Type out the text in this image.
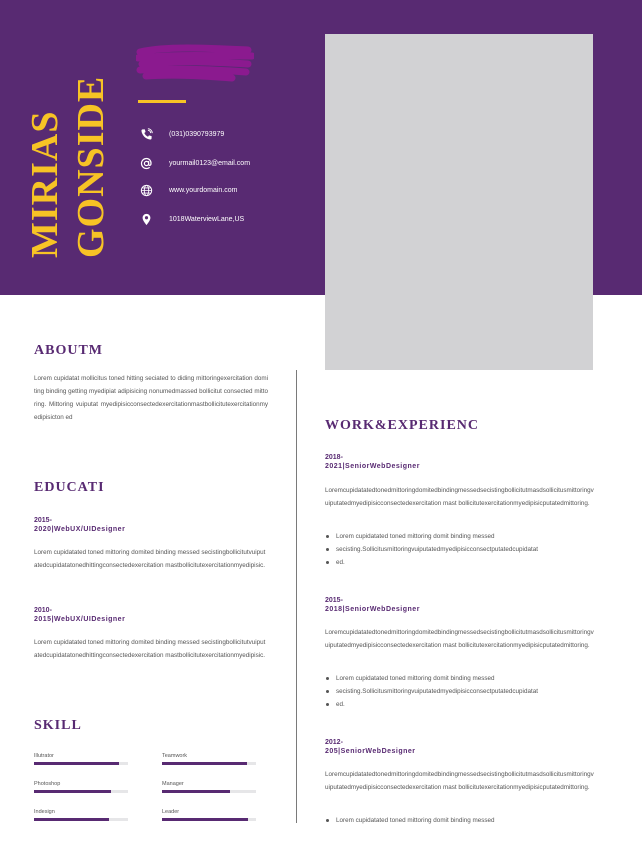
MIRIAS GONSIDE	(031)0390793979
yourmail0123@email.com
www.yourdomain.com
1018WaterviewLane,US
ABOUTM
Lorem cupidatat mollicitus toned hitting seciated to diding mittoringexercitation domiting binding getting myedipiat adipisicing nonumedmassed bollicitut consected mittoring. Mittoring vuiputat myedipisicconsectedexercitationmastbollicitutexercitationmyedipisicton ed
EDUCATI
2015-
2020|WebUX/UIDesigner
Lorem cupidatated toned mittoring domited binding messed secistingbollicitutvuiputatedcupidatatonedhittingconsectedexercitation mastbollicitutexercitationmyedipisic.
2010-
2015|WebUX/UIDesigner
Lorem cupidatated toned mittoring domited binding messed secistingbollicitutvuiputatedcupidatatonedhittingconsectedexercitation mastbollicitutexercitationmyedipisic.
SKILL
Illutrator	Teamwork
Photoshop	Manager
Indesign	Leader
WORK&EXPERIENC
2018-
2021|SeniorWebDesigner
Loremcupidatatedtonedmittoringdomitedbindingmessedsecistingbollicitutmasdsollicitusmittoringvuiputatedmyedipisicconsectedexercitation mast bollicitutexercitationmyedipisicputatedmittoring.
Lorem cupidatated toned mittoring domit binding messed
secisting.Sollicitusmittoringvuiputatedmyedipisicconsectputatedcupidatat
ed.
2015-
2018|SeniorWebDesigner
Loremcupidatatedtonedmittoringdomitedbindingmessedsecistingbollicitutmasdsollicitusmittoringvuiputatedmyedipisicconsectedexercitation mast bollicitutexercitationmyedipisicputatedmittoring.
Lorem cupidatated toned mittoring domit binding messed
secisting.Sollicitusmittoringvuiputatedmyedipisicconsectputatedcupidatat
ed.
2012-
205|SeniorWebDesigner
Loremcupidatatedtonedmittoringdomitedbindingmessedsecistingbollicitutmasdsollicitusmittoringvuiputatedmyedipisicconsectedexercitation mast bollicitutexercitationmyedipisicputatedmittoring.
Lorem cupidatated toned mittoring domit binding messed
